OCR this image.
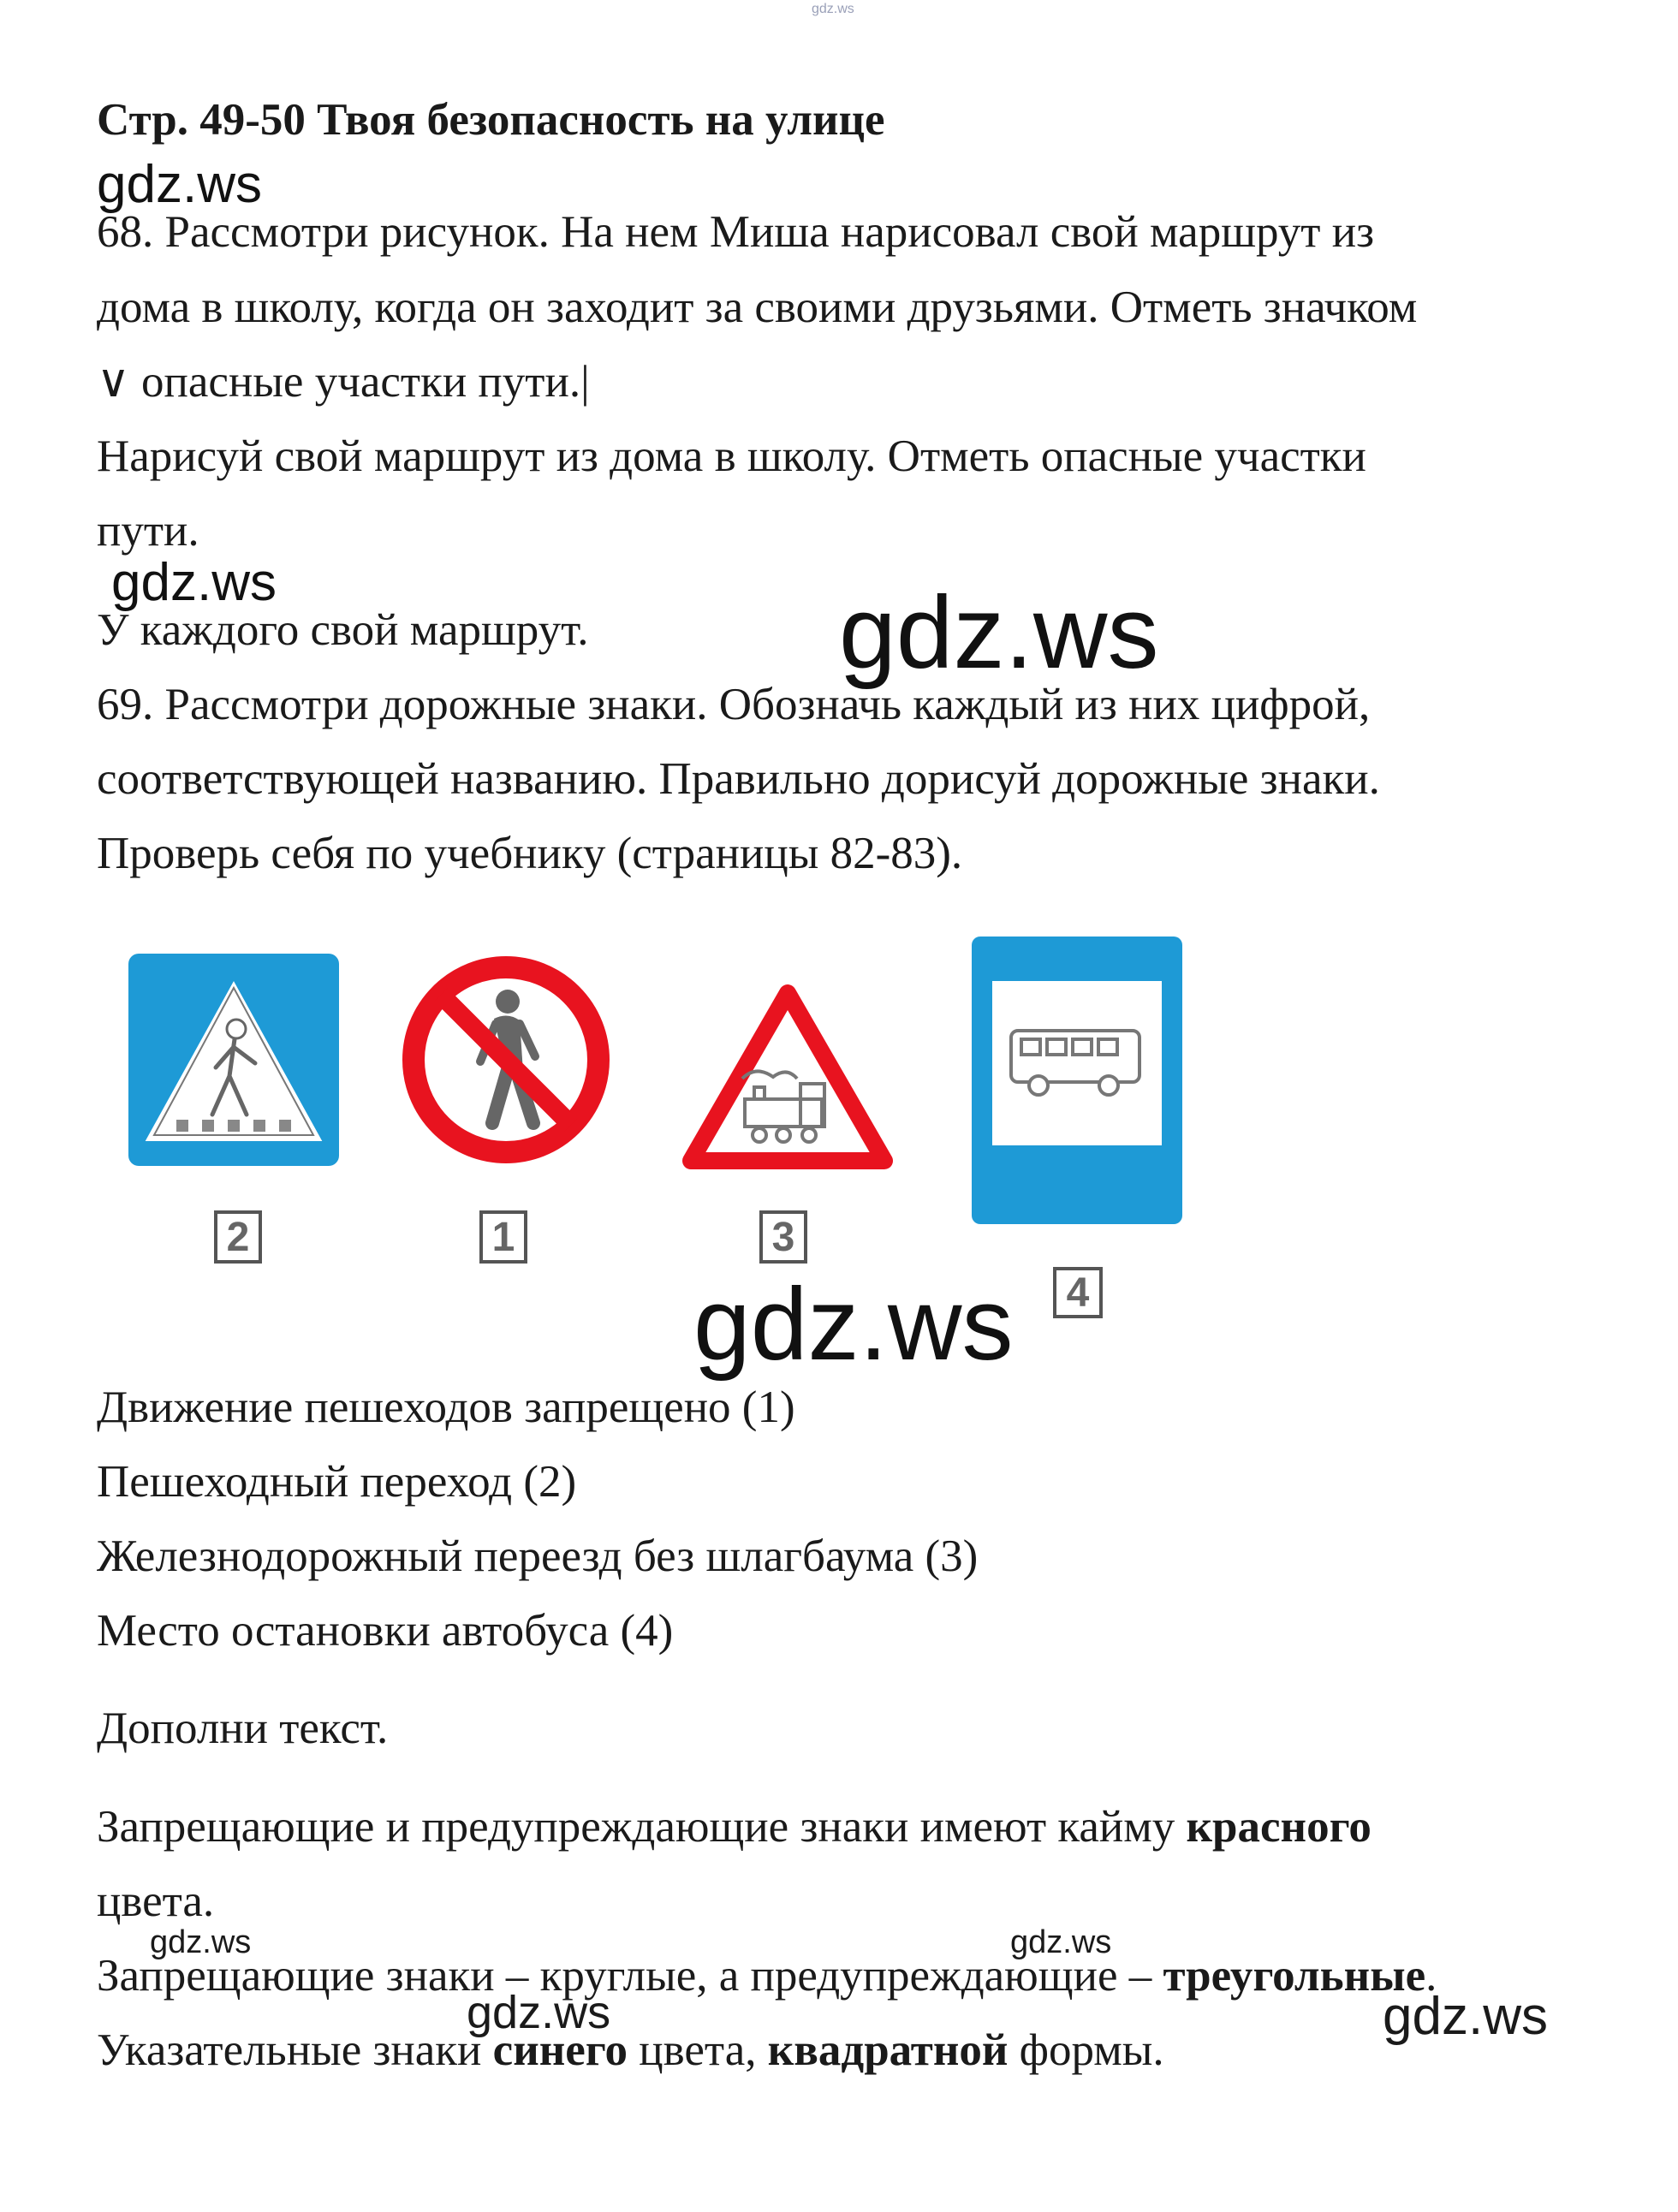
gdz.ws
Стр. 49-50 Твоя безопасность на улице
gdz.ws
68. Рассмотри рисунок. На нем Миша нарисовал свой маршрут из
дома в школу, когда он заходит за своими друзьями. Отметь значком
∨ опасные участки пути.|
Нарисуй свой маршрут из дома в школу. Отметь опасные участки
пути.
gdz.ws
У каждого свой маршрут. gdz.ws
69. Рассмотри дорожные знаки. Обозначь каждый из них цифрой,
соответствующей названию. Правильно дорисуй дорожные знаки.
Проверь себя по учебнику (страницы 82-83).
2	1	3
4
gdz.ws
Движение пешеходов запрещено (1)
Пешеходный переход (2)
Железнодорожный переезд без шлагбаума (3)
Место остановки автобуса (4)
Дополни текст.
Запрещающие и предупреждающие знаки имеют кайму красного
цвета.
gdz.ws	gdz.ws
Запрещающие знаки – круглые, а предупреждающие – треугольные.
gdz.ws	gdz.ws
Указательные знаки синего цвета, квадратной формы.
